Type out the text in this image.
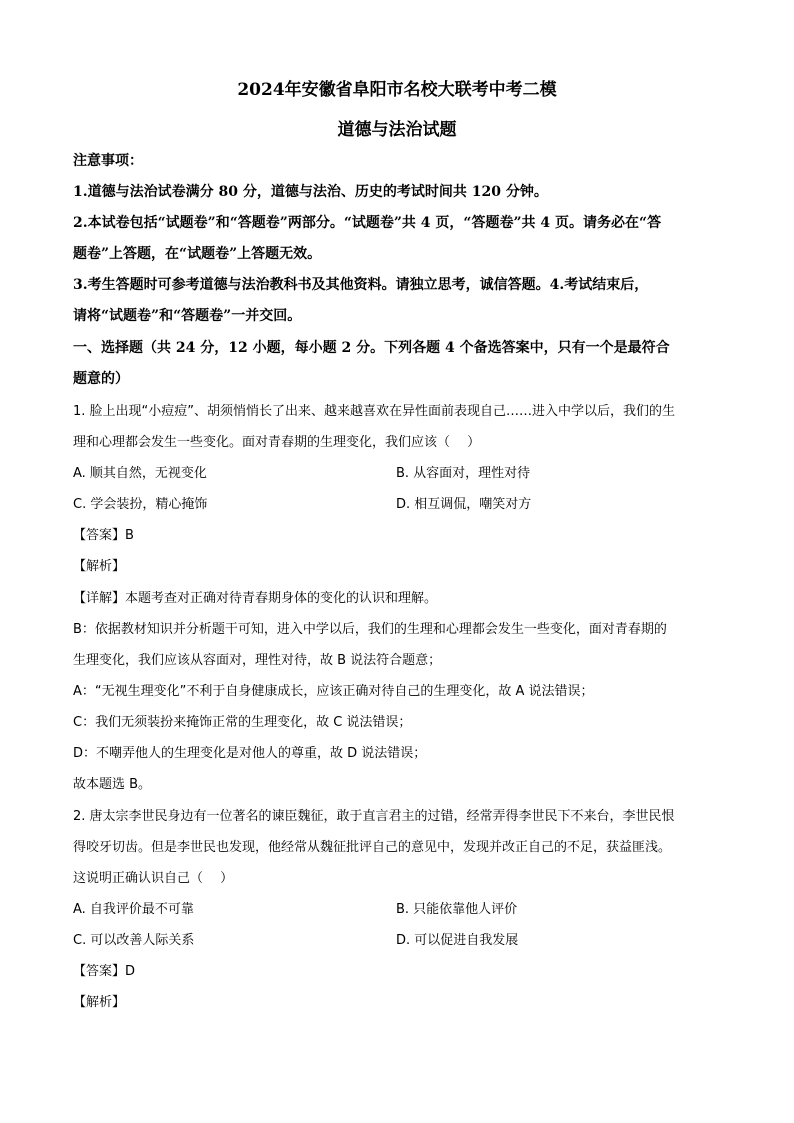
2024年安徽省阜阳市名校大联考中考二模
道德与法治试题
注意事项：
1.道德与法治试卷满分 80 分，道德与法治、历史的考试时间共 120 分钟。
2.本试卷包括“试题卷”和“答题卷”两部分。“试题卷”共 4 页，“答题卷”共 4 页。请务必在“答
题卷”上答题，在“试题卷”上答题无效。
3.考生答题时可参考道德与法治教科书及其他资料。请独立思考，诚信答题。4.考试结束后，
请将“试题卷”和“答题卷”一并交回。
一、选择题（共 24 分，12 小题，每小题 2 分。下列各题 4 个备选答案中，只有一个是最符合
题意的）
1. 脸上出现“小痘痘”、胡须悄悄长了出来、越来越喜欢在异性面前表现自己……进入中学以后，我们的生
理和心理都会发生一些变化。面对青春期的生理变化，我们应该（　 ）
A. 顺其自然，无视变化	B. 从容面对，理性对待
C. 学会装扮，精心掩饰	D. 相互调侃，嘲笑对方
【答案】B
【解析】
【详解】本题考查对正确对待青春期身体的变化的认识和理解。
B：依据教材知识并分析题干可知，进入中学以后，我们的生理和心理都会发生一些变化，面对青春期的
生理变化，我们应该从容面对，理性对待，故 B 说法符合题意；
A：“无视生理变化”不利于自身健康成长，应该正确对待自己的生理变化，故 A 说法错误；
C：我们无须装扮来掩饰正常的生理变化，故 C 说法错误；
D：不嘲弄他人的生理变化是对他人的尊重，故 D 说法错误；
故本题选 B。
2. 唐太宗李世民身边有一位著名的谏臣魏征，敢于直言君主的过错，经常弄得李世民下不来台，李世民恨
得咬牙切齿。但是李世民也发现，他经常从魏征批评自己的意见中，发现并改正自己的不足，获益匪浅。
这说明正确认识自己（　 ）
A. 自我评价最不可靠	B. 只能依靠他人评价
C. 可以改善人际关系	D. 可以促进自我发展
【答案】D
【解析】
